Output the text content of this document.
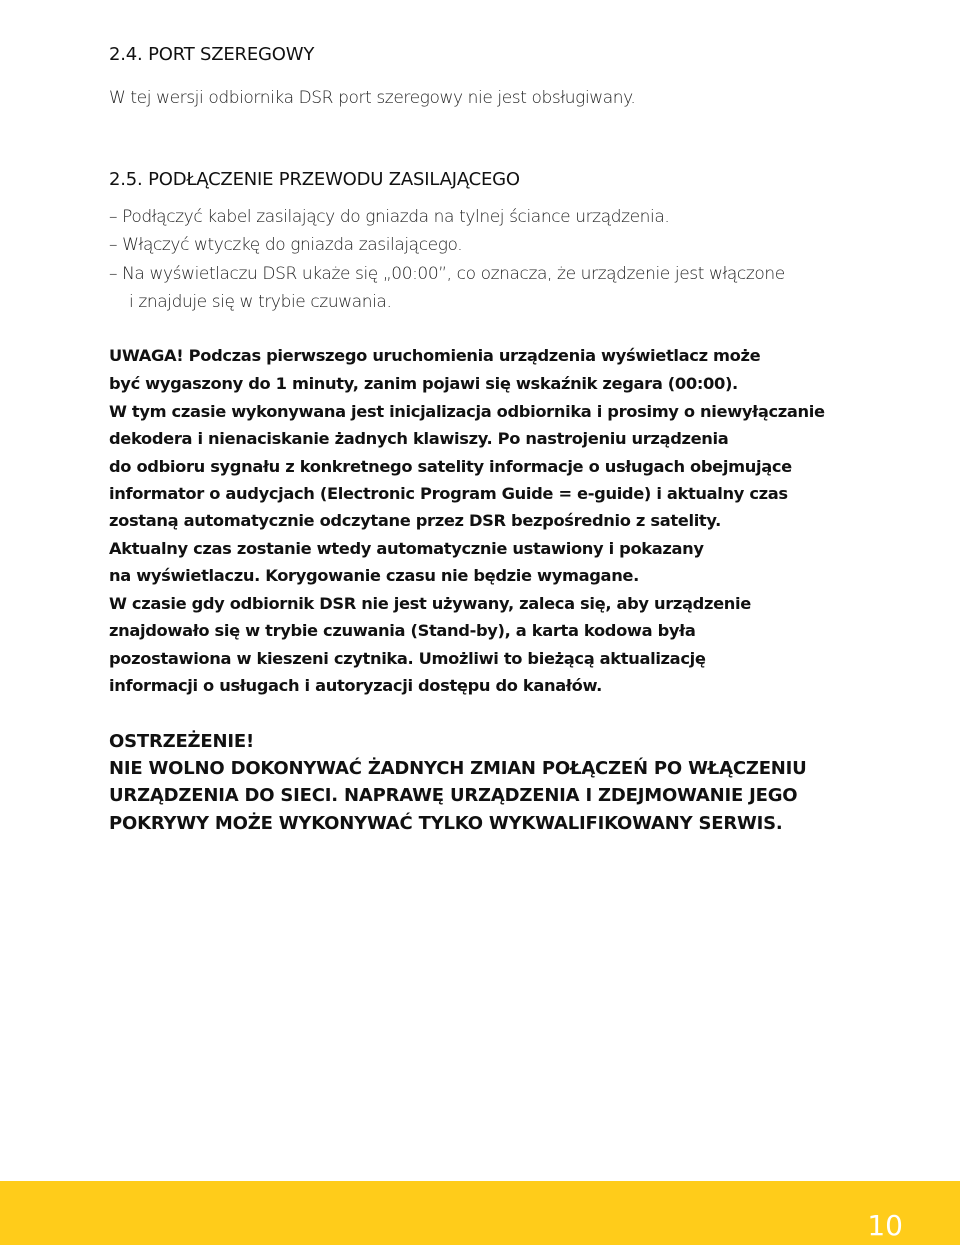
2.4. PORT SZEREGOWY
W tej wersji odbiornika DSR port szeregowy nie jest obsługiwany.
2.5. PODŁĄCZENIE PRZEWODU ZASILAJĄCEGO
– Podłączyć kabel zasilający do gniazda na tylnej ściance urządzenia.
– Włączyć wtyczkę do gniazda zasilającego.
– Na wyświetlaczu DSR ukaże się „00:00”, co oznacza, że urządzenie jest włączone
i znajduje się w trybie czuwania.
UWAGA! Podczas pierwszego uruchomienia urządzenia wyświetlacz może
być wygaszony do 1 minuty, zanim pojawi się wskaźnik zegara (00:00).
W tym czasie wykonywana jest inicjalizacja odbiornika i prosimy o niewyłączanie
dekodera i nienaciskanie żadnych klawiszy. Po nastrojeniu urządzenia
do odbioru sygnału z konkretnego satelity informacje o usługach obejmujące
informator o audycjach (Electronic Program Guide = e-guide) i aktualny czas
zostaną automatycznie odczytane przez DSR bezpośrednio z satelity.
Aktualny czas zostanie wtedy automatycznie ustawiony i pokazany
na wyświetlaczu. Korygowanie czasu nie będzie wymagane.
W czasie gdy odbiornik DSR nie jest używany, zaleca się, aby urządzenie
znajdowało się w trybie czuwania (Stand-by), a karta kodowa była
pozostawiona w kieszeni czytnika. Umożliwi to bieżącą aktualizację
informacji o usługach i autoryzacji dostępu do kanałów.
OSTRZEŻENIE!
NIE WOLNO DOKONYWAĆ ŻADNYCH ZMIAN POŁĄCZEŃ PO WŁĄCZENIU
URZĄDZENIA DO SIECI. NAPRAWĘ URZĄDZENIA I ZDEJMOWANIE JEGO
POKRYWY MOŻE WYKONYWAĆ TYLKO WYKWALIFIKOWANY SERWIS.
10
